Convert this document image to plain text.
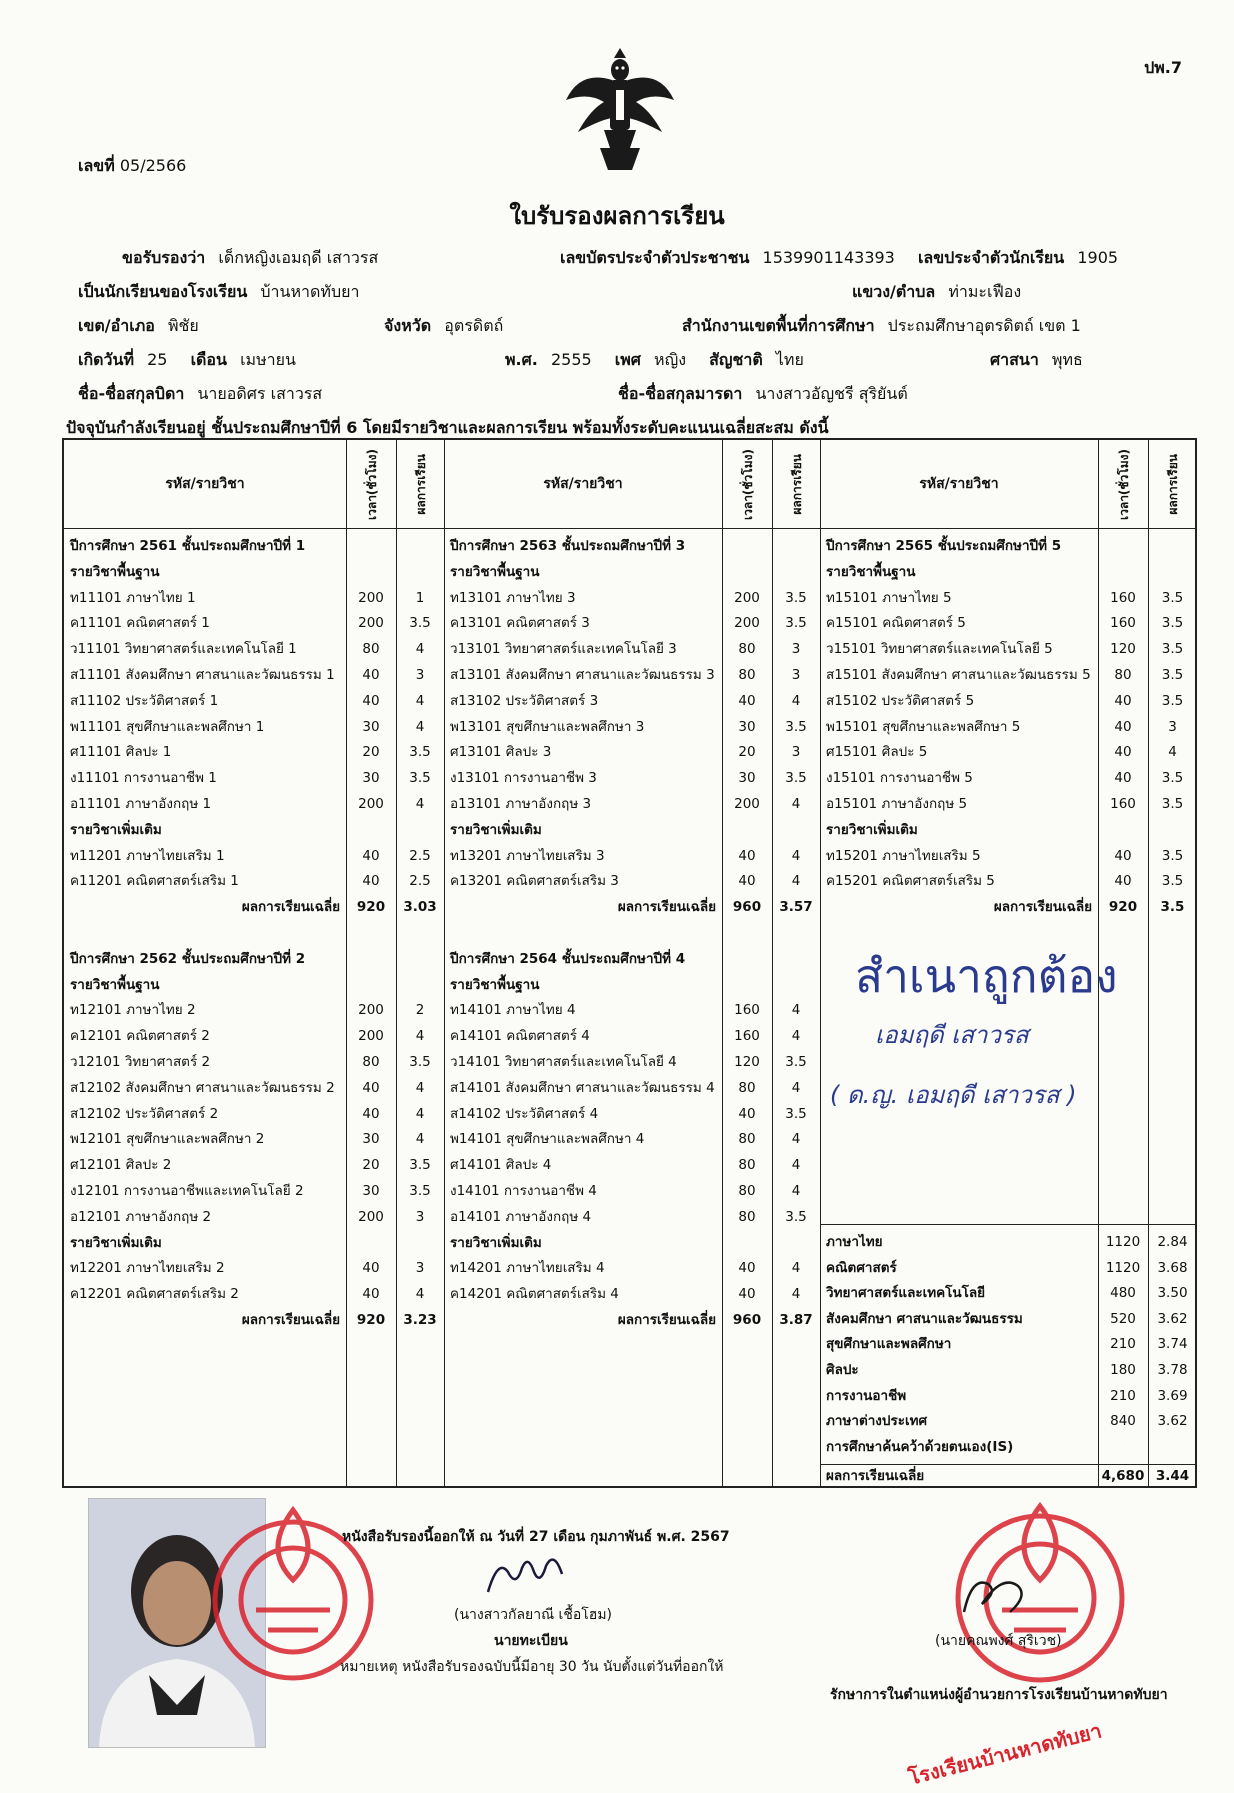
ปพ.7
เลขที่ 05/2566
ใบรับรองผลการเรียน
ขอรับรองว่า เด็กหญิงเอมฤดี เสาวรส	เลขบัตรประจำตัวประชาชน 1539901143393 เลขประจำตัวนักเรียน 1905
เป็นนักเรียนของโรงเรียน บ้านหาดทับยา	แขวง/ตำบล ท่ามะเฟือง
เขต/อำเภอ พิชัย	จังหวัด อุตรดิตถ์	สำนักงานเขตพื้นที่การศึกษา ประถมศึกษาอุตรดิตถ์ เขต 1
เกิดวันที่ 25 เดือน เมษายน	พ.ศ. 2555 เพศ หญิง สัญชาติ ไทย	ศาสนา พุทธ
ชื่อ-ชื่อสกุลบิดา นายอดิศร เสาวรส	ชื่อ-ชื่อสกุลมารดา นางสาวอัญชรี สุริยันต์
ปัจจุบันกำลังเรียนอยู่ ชั้นประถมศึกษาปีที่ 6 โดยมีรายวิชาและผลการเรียน พร้อมทั้งระดับคะแนนเฉลี่ยสะสม ดังนี้
รหัส/รายวิชา	เวลา(ชั่วโมง)	ผลการเรียน	รหัส/รายวิชา	เวลา(ชั่วโมง)	ผลการเรียน	รหัส/รายวิชา	เวลา(ชั่วโมง)	ผลการเรียน
ปีการศึกษา 2561 ชั้นประถมศึกษาปีที่ 1
รายวิชาพื้นฐาน
ท11101 ภาษาไทย 1	200	1
ค11101 คณิตศาสตร์ 1	200	3.5
ว11101 วิทยาศาสตร์และเทคโนโลยี 1	80	4
ส11101 สังคมศึกษา ศาสนาและวัฒนธรรม 1	40	3
ส11102 ประวัติศาสตร์ 1	40	4
พ11101 สุขศึกษาและพลศึกษา 1	30	4
ศ11101 ศิลปะ 1	20	3.5
ง11101 การงานอาชีพ 1	30	3.5
อ11101 ภาษาอังกฤษ 1	200	4
รายวิชาเพิ่มเติม
ท11201 ภาษาไทยเสริม 1	40	2.5
ค11201 คณิตศาสตร์เสริม 1	40	2.5
ผลการเรียนเฉลี่ย	920	3.03
ปีการศึกษา 2562 ชั้นประถมศึกษาปีที่ 2
รายวิชาพื้นฐาน
ท12101 ภาษาไทย 2	200	2
ค12101 คณิตศาสตร์ 2	200	4
ว12101 วิทยาศาสตร์ 2	80	3.5
ส12102 สังคมศึกษา ศาสนาและวัฒนธรรม 2	40	4
ส12102 ประวัติศาสตร์ 2	40	4
พ12101 สุขศึกษาและพลศึกษา 2	30	4
ศ12101 ศิลปะ 2	20	3.5
ง12101 การงานอาชีพและเทคโนโลยี 2	30	3.5
อ12101 ภาษาอังกฤษ 2	200	3
รายวิชาเพิ่มเติม
ท12201 ภาษาไทยเสริม 2	40	3
ค12201 คณิตศาสตร์เสริม 2	40	4
ผลการเรียนเฉลี่ย	920	3.23
ปีการศึกษา 2563 ชั้นประถมศึกษาปีที่ 3
รายวิชาพื้นฐาน
ท13101 ภาษาไทย 3	200	3.5
ค13101 คณิตศาสตร์ 3	200	3.5
ว13101 วิทยาศาสตร์และเทคโนโลยี 3	80	3
ส13101 สังคมศึกษา ศาสนาและวัฒนธรรม 3	80	3
ส13102 ประวัติศาสตร์ 3	40	4
พ13101 สุขศึกษาและพลศึกษา 3	30	3.5
ศ13101 ศิลปะ 3	20	3
ง13101 การงานอาชีพ 3	30	3.5
อ13101 ภาษาอังกฤษ 3	200	4
รายวิชาเพิ่มเติม
ท13201 ภาษาไทยเสริม 3	40	4
ค13201 คณิตศาสตร์เสริม 3	40	4
ผลการเรียนเฉลี่ย	960	3.57
ปีการศึกษา 2564 ชั้นประถมศึกษาปีที่ 4
รายวิชาพื้นฐาน
ท14101 ภาษาไทย 4	160	4
ค14101 คณิตศาสตร์ 4	160	4
ว14101 วิทยาศาสตร์และเทคโนโลยี 4	120	3.5
ส14101 สังคมศึกษา ศาสนาและวัฒนธรรม 4	80	4
ส14102 ประวัติศาสตร์ 4	40	3.5
พ14101 สุขศึกษาและพลศึกษา 4	80	4
ศ14101 ศิลปะ 4	80	4
ง14101 การงานอาชีพ 4	80	4
อ14101 ภาษาอังกฤษ 4	80	3.5
รายวิชาเพิ่มเติม
ท14201 ภาษาไทยเสริม 4	40	4
ค14201 คณิตศาสตร์เสริม 4	40	4
ผลการเรียนเฉลี่ย	960	3.87
ปีการศึกษา 2565 ชั้นประถมศึกษาปีที่ 5
รายวิชาพื้นฐาน
ท15101 ภาษาไทย 5	160	3.5
ค15101 คณิตศาสตร์ 5	160	3.5
ว15101 วิทยาศาสตร์และเทคโนโลยี 5	120	3.5
ส15101 สังคมศึกษา ศาสนาและวัฒนธรรม 5	80	3.5
ส15102 ประวัติศาสตร์ 5	40	3.5
พ15101 สุขศึกษาและพลศึกษา 5	40	3
ศ15101 ศิลปะ 5	40	4
ง15101 การงานอาชีพ 5	40	3.5
อ15101 ภาษาอังกฤษ 5	160	3.5
รายวิชาเพิ่มเติม
ท15201 ภาษาไทยเสริม 5	40	3.5
ค15201 คณิตศาสตร์เสริม 5	40	3.5
ผลการเรียนเฉลี่ย	920	3.5
ภาษาไทย	1120	2.84
คณิตศาสตร์	1120	3.68
วิทยาศาสตร์และเทคโนโลยี	480	3.50
สังคมศึกษา ศาสนาและวัฒนธรรม	520	3.62
สุขศึกษาและพลศึกษา	210	3.74
ศิลปะ	180	3.78
การงานอาชีพ	210	3.69
ภาษาต่างประเทศ	840	3.62
การศึกษาค้นคว้าด้วยตนเอง(IS)
ผลการเรียนเฉลี่ย	4,680 3.44
สำเนาถูกต้อง
เอมฤดี เสาวรส
( ด.ญ. เอมฤดี เสาวรส )
หนังสือรับรองนี้ออกให้ ณ วันที่ 27 เดือน กุมภาพันธ์ พ.ศ. 2567
(นางสาวกัลยาณี เชื้อโฮม)
นายทะเบียน
หมายเหตุ หนังสือรับรองฉบับนี้มีอายุ 30 วัน นับตั้งแต่วันที่ออกให้
(นายคณพงศ์ สุริเวช)
รักษาการในตำแหน่งผู้อำนวยการโรงเรียนบ้านหาดทับยา
โรงเรียนบ้านหาดทับยา
